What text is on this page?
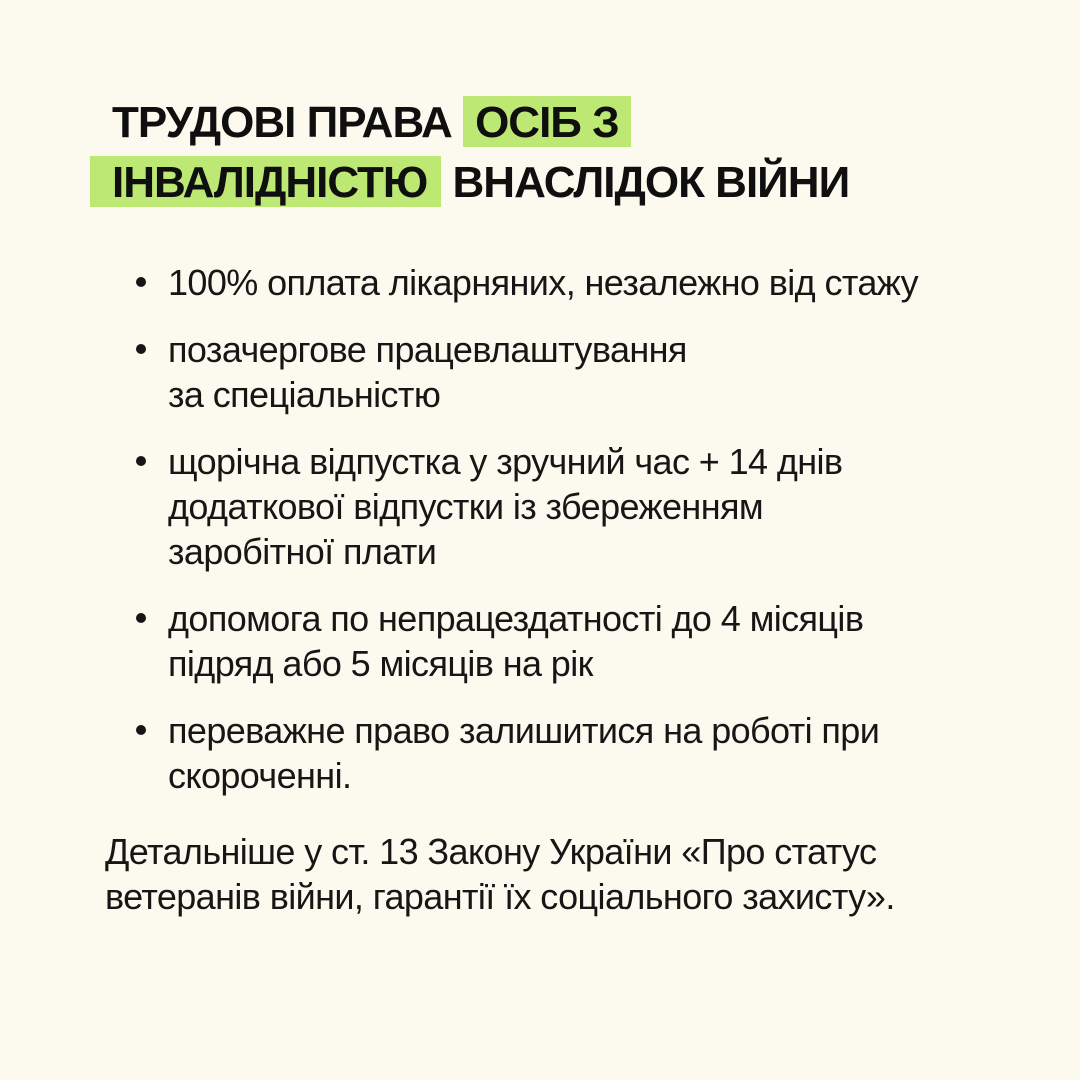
ТРУДОВІ ПРАВА ОСІБ З
ІНВАЛІДНІСТЮ ВНАСЛІДОК ВІЙНИ
100% оплата лікарняних, незалежно від стажу
позачергове працевлаштування
за спеціальністю
щорічна відпустка у зручний час + 14 днів
додаткової відпустки із збереженням
заробітної плати
допомога по непрацездатності до 4 місяців
підряд або 5 місяців на рік
переважне право залишитися на роботі при
скороченні.

Детальніше у ст. 13 Закону України «Про статус
ветеранів війни, гарантії їх соціального захисту».
